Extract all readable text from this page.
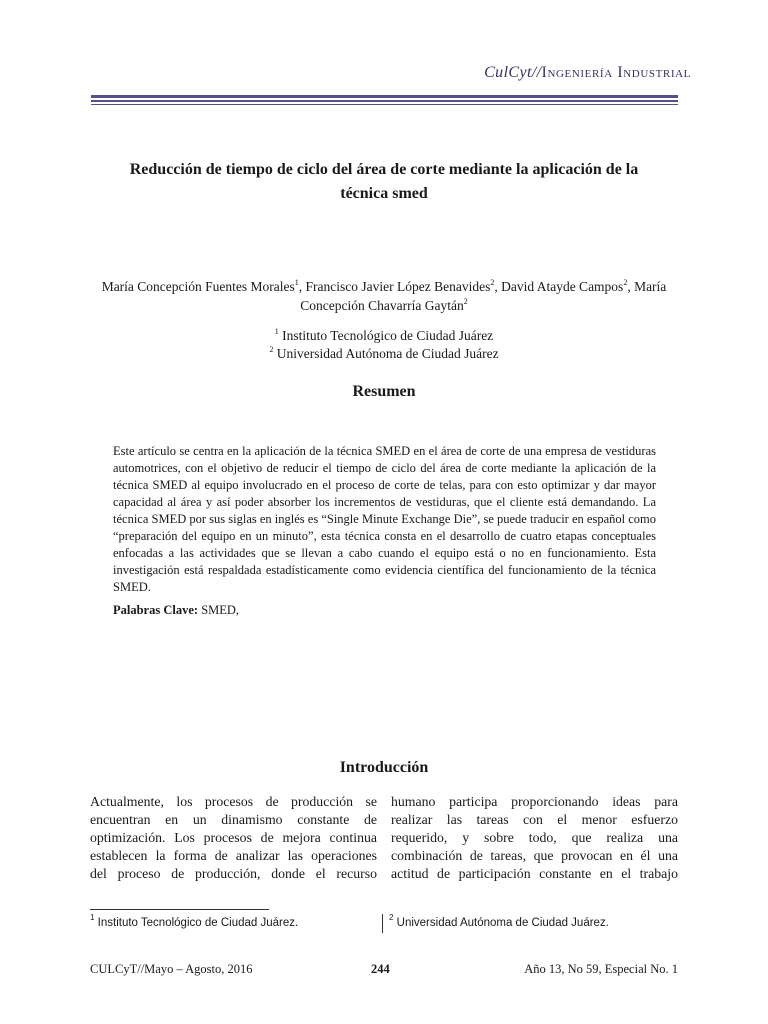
CulCyt//Ingeniería Industrial
Reducción de tiempo de ciclo del área de corte mediante la aplicación de la
técnica smed
María Concepción Fuentes Morales$^1$, Francisco Javier López Benavides$^2$, David Atayde Campos$^2$, María Concepción Chavarría Gaytán$^2$
$^1$ Instituto Tecnológico de Ciudad Juárez
$^2$ Universidad Autónoma de Ciudad Juárez
Resumen
Este artículo se centra en la aplicación de la técnica SMED en el área de corte de una empresa de vestiduras
automotrices, con el objetivo de reducir el tiempo de ciclo del área de corte mediante la aplicación de la
técnica SMED al equipo involucrado en el proceso de corte de telas, para con esto optimizar y dar mayor
capacidad al área y así poder absorber los incrementos de vestiduras, que el cliente está demandando. La
técnica SMED por sus siglas en inglés es “Single Minute Exchange Die”, se puede traducir en español como
“preparación del equipo en un minuto”, esta técnica consta en el desarrollo de cuatro etapas conceptuales
enfocadas a las actividades que se llevan a cabo cuando el equipo está o no en funcionamiento. Esta
investigación está respaldada estadísticamente como evidencia científica del funcionamiento de la técnica
SMED.
Palabras Clave: SMED,
Introducción
Actualmente, los procesos de producción se
encuentran en un dinamismo constante de
optimización. Los procesos de mejora continua
establecen la forma de analizar las operaciones
del proceso de producción, donde el recurso
humano participa proporcionando ideas para
realizar las tareas con el menor esfuerzo
requerido, y sobre todo, que realiza una
combinación de tareas, que provocan en él una
actitud de participación constante en el trabajo
$^1$ Instituto Tecnológico de Ciudad Juárez.	$^2$ Universidad Autónoma de Ciudad Juárez.
CULCyT//Mayo – Agosto, 2016	244	Año 13, No 59, Especial No. 1
